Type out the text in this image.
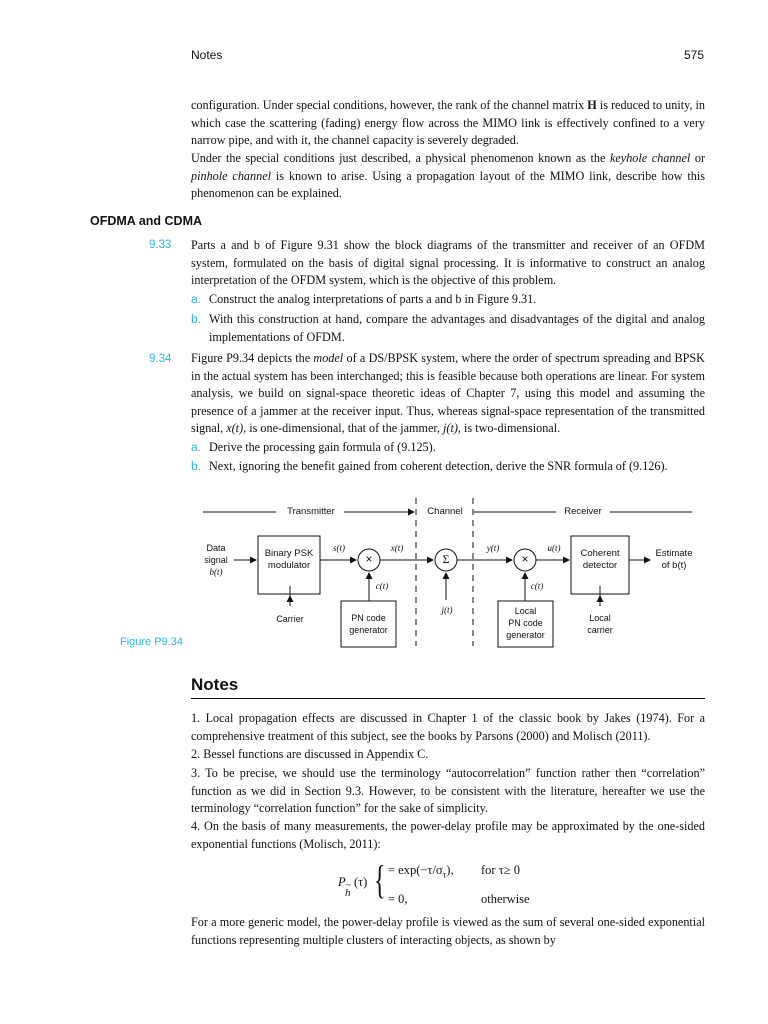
Notes	575
configuration. Under special conditions, however, the rank of the channel matrix H is reduced to unity, in which case the scattering (fading) energy flow across the MIMO link is effectively confined to a very narrow pipe, and with it, the channel capacity is severely degraded.
Under the special conditions just described, a physical phenomenon known as the keyhole channel or pinhole channel is known to arise. Using a propagation layout of the MIMO link, describe how this phenomenon can be explained.
OFDMA and CDMA
9.33 Parts a and b of Figure 9.31 show the block diagrams of the transmitter and receiver of an OFDM system, formulated on the basis of digital signal processing. It is informative to construct an analog interpretation of the OFDM system, which is the objective of this problem.
a. Construct the analog interpretations of parts a and b in Figure 9.31.
b. With this construction at hand, compare the advantages and disadvantages of the digital and analog implementations of OFDM.
9.34 Figure P9.34 depicts the model of a DS/BPSK system, where the order of spectrum spreading and BPSK in the actual system has been interchanged; this is feasible because both operations are linear. For system analysis, we build on signal-space theoretic ideas of Chapter 7, using this model and assuming the presence of a jammer at the receiver input. Thus, whereas signal-space representation of the transmitted signal, x(t), is one-dimensional, that of the jammer, j(t), is two-dimensional.
a. Derive the processing gain formula of (9.125).
b. Next, ignoring the benefit gained from coherent detection, derive the SNR formula of (9.126).
Transmitter	Channel	Receiver
Data
signal
b(t)
Binary PSK
modulator
Carrier
s(t)	x(t)
c(t)
PN code
generator
Σ
×	×
j(t)
y(t)	u(t)
c(t)
Local
PN code
generator
Coherent
detector
Local
carrier
Estimate
of b(t)
Figure P9.34
Notes
1. Local propagation effects are discussed in Chapter 1 of the classic book by Jakes (1974). For a comprehensive treatment of this subject, see the books by Parsons (2000) and Molisch (2011).
2. Bessel functions are discussed in Appendix C.
3. To be precise, we should use the terminology “autocorrelation” function rather then “correlation” function as we did in Section 9.3. However, to be consistent with the literature, hereafter we use the terminology “correlation function” for the sake of simplicity.
4. On the basis of many measurements, the power-delay profile may be approximated by the one-sided exponential functions (Molisch, 2011):
P ~
h
(τ) { = $\exp(-\tau/\sigma_\tau)$, for τ≥ 0
= 0,	otherwise
For a more generic model, the power-delay profile is viewed as the sum of several one-sided exponential functions representing multiple clusters of interacting objects, as shown by
